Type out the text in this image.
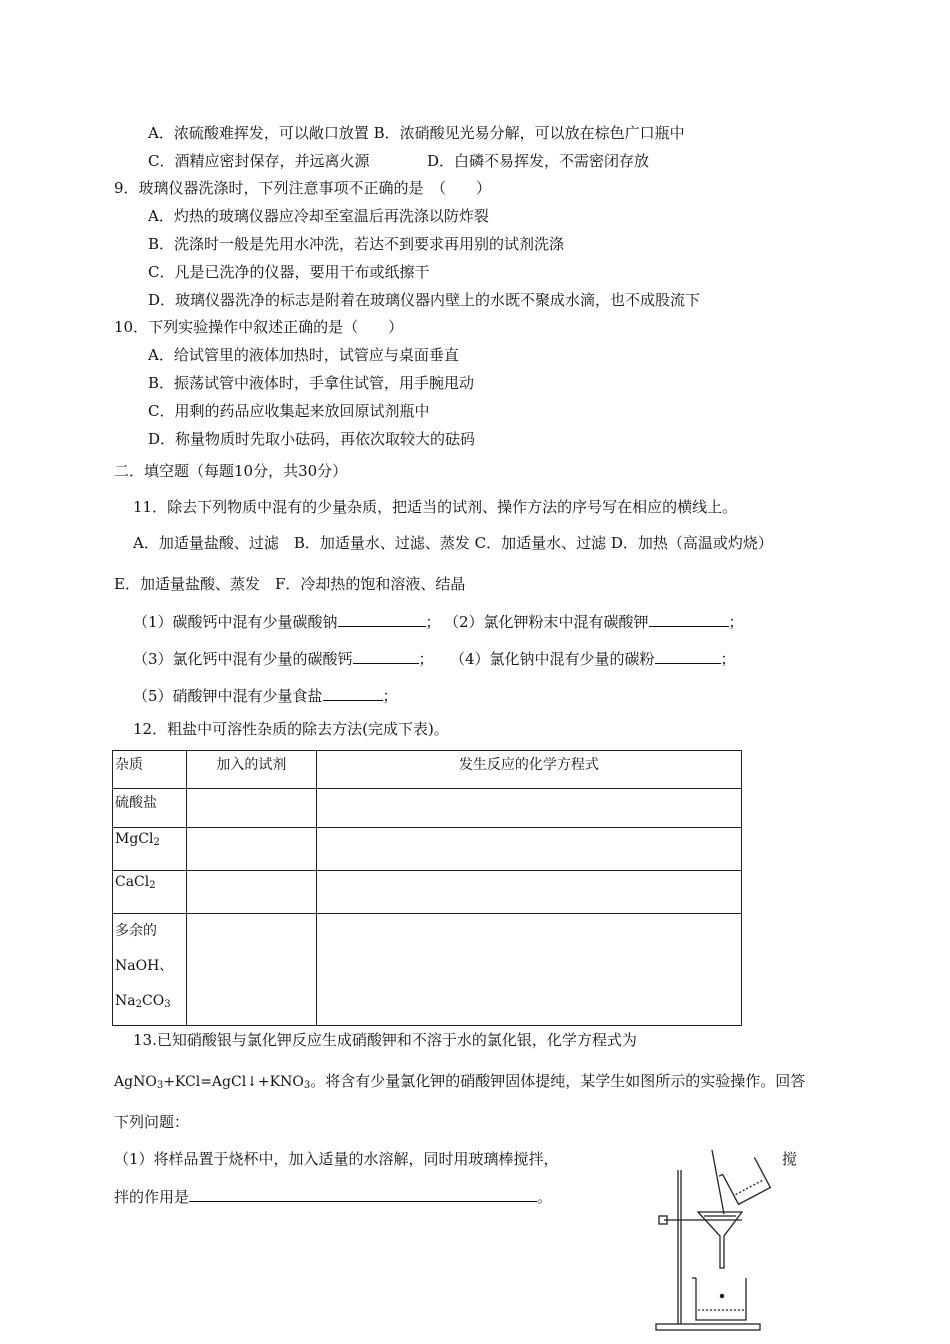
A．浓硫酸难挥发，可以敞口放置 B．浓硝酸见光易分解，可以放在棕色广口瓶中
C．酒精应密封保存，并远离火源	D．白磷不易挥发，不需密闭存放
9．玻璃仪器洗涤时，下列注意事项不正确的是　（　　）
A．灼热的玻璃仪器应冷却至室温后再洗涤以防炸裂
B．洗涤时一般是先用水冲洗，若达不到要求再用别的试剂洗涤
C．凡是已洗净的仪器，要用干布或纸擦干
D．玻璃仪器洗净的标志是附着在玻璃仪器内壁上的水既不聚成水滴，也不成股流下
10．下列实验操作中叙述正确的是（　　）
A．给试管里的液体加热时，试管应与桌面垂直
B．振荡试管中液体时，手拿住试管，用手腕甩动
C．用剩的药品应收集起来放回原试剂瓶中
D．称量物质时先取小砝码，再依次取较大的砝码
二．填空题（每题10分，共30分）
11．除去下列物质中混有的少量杂质，把适当的试剂、操作方法的序号写在相应的横线上。
A．加适量盐酸、过滤　B．加适量水、过滤、蒸发 C．加适量水、过滤 D．加热（高温或灼烧）
E．加适量盐酸、蒸发　F．冷却热的饱和溶液、结晶
（1）碳酸钙中混有少量碳酸钠	； （2）氯化钾粉末中混有碳酸钾	；
（3）氯化钙中混有少量的碳酸钙	； （4）氯化钠中混有少量的碳粉	；
（5）硝酸钾中混有少量食盐	；
12．粗盐中可溶性杂质的除去方法(完成下表)。
杂质	加入的试剂	发生反应的化学方程式
硫酸盐		
MgCl$_2$		
CaCl$_2$		

多余的
NaOH、
$Na_2CO_3$

13.已知硝酸银与氯化钾反应生成硝酸钾和不溶于水的氯化银，化学方程式为
$AgNO_3+KCl=AgCl↓+KNO_3$。将含有少量氯化钾的硝酸钾固体提纯，某学生如图所示的实验操作。回答
下列问题：
（1）将样品置于烧杯中，加入适量的水溶解，同时用玻璃棒搅拌，	搅
拌的作用是	。
